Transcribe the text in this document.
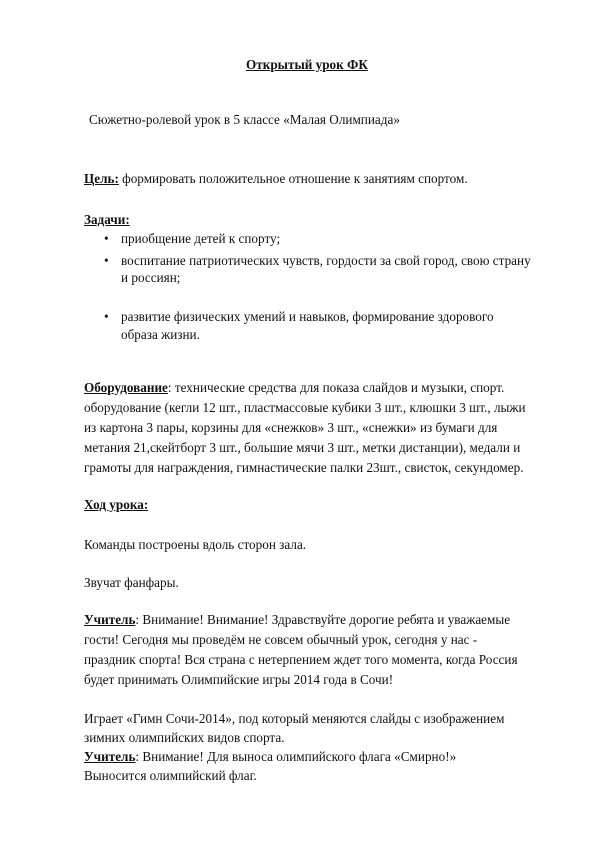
Открытый урок ФК
Сюжетно-ролевой урок в 5 классе «Малая Олимпиада»
Цель: формировать положительное отношение к занятиям спортом.
Задачи:
• приобщение детей к спорту;
• воспитание патриотических чувств, гордости за свой город, свою страну
и россиян;
• развитие физических умений и навыков, формирование здорового
образа жизни.
Оборудование: технические средства для показа слайдов и музыки, спорт.
оборудование (кегли 12 шт., пластмассовые кубики 3 шт., клюшки 3 шт., лыжи
из картона 3 пары, корзины для «снежков» 3 шт., «снежки» из бумаги для
метания 21,скейтборт 3 шт., большие мячи 3 шт., метки дистанции), медали и
грамоты для награждения, гимнастические палки 23шт., свисток, секундомер.
Ход урока:
Команды построены вдоль сторон зала.
Звучат фанфары.
Учитель: Внимание! Внимание! Здравствуйте дорогие ребята и уважаемые
гости! Сегодня мы проведём не совсем обычный урок, сегодня у нас -
праздник спорта! Вся страна с нетерпением ждет того момента, когда Россия
будет принимать Олимпийские игры 2014 года в Сочи!
Играет «Гимн Сочи-2014», под который меняются слайды с изображением
зимних олимпийских видов спорта.
Учитель: Внимание! Для выноса олимпийского флага «Смирно!»
Выносится олимпийский флаг.
